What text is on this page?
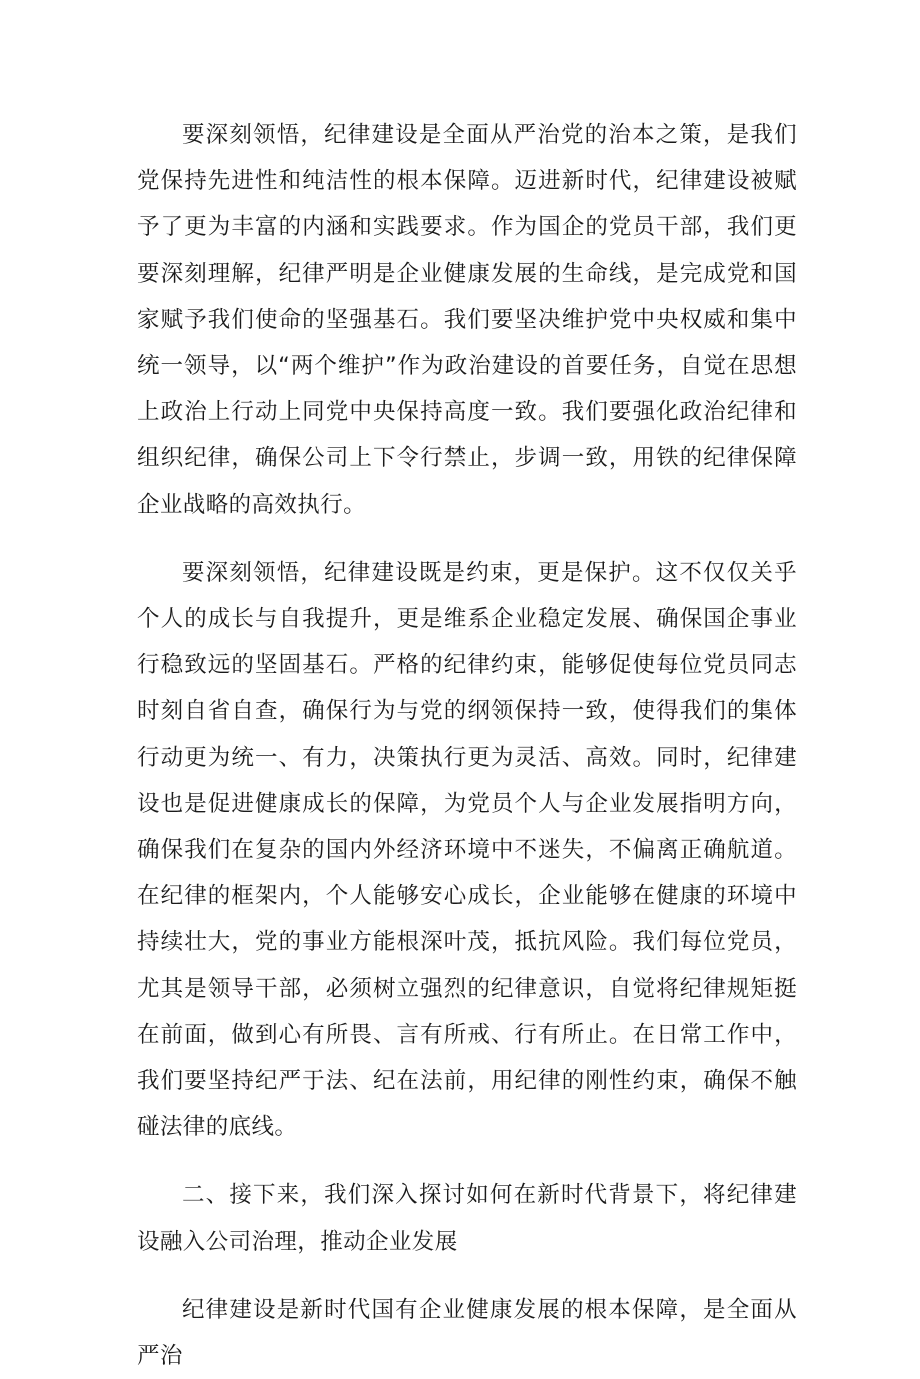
要深刻领悟，纪律建设是全面从严治党的治本之策，是我们党保持先进性和纯洁性的根本保障。迈进新时代，纪律建设被赋予了更为丰富的内涵和实践要求。作为国企的党员干部，我们更要深刻理解，纪律严明是企业健康发展的生命线，是完成党和国家赋予我们使命的坚强基石。我们要坚决维护党中央权威和集中统一领导，以“两个维护”作为政治建设的首要任务，自觉在思想上政治上行动上同党中央保持高度一致。我们要强化政治纪律和组织纪律，确保公司上下令行禁止，步调一致，用铁的纪律保障企业战略的高效执行。

要深刻领悟，纪律建设既是约束，更是保护。这不仅仅关乎个人的成长与自我提升，更是维系企业稳定发展、确保国企事业行稳致远的坚固基石。严格的纪律约束，能够促使每位党员同志时刻自省自查，确保行为与党的纲领保持一致，使得我们的集体行动更为统一、有力，决策执行更为灵活、高效。同时，纪律建设也是促进健康成长的保障，为党员个人与企业发展指明方向，确保我们在复杂的国内外经济环境中不迷失，不偏离正确航道。在纪律的框架内，个人能够安心成长，企业能够在健康的环境中持续壮大，党的事业方能根深叶茂，抵抗风险。我们每位党员，尤其是领导干部，必须树立强烈的纪律意识，自觉将纪律规矩挺在前面，做到心有所畏、言有所戒、行有所止。在日常工作中，我们要坚持纪严于法、纪在法前，用纪律的刚性约束，确保不触碰法律的底线。

二、接下来，我们深入探讨如何在新时代背景下，将纪律建设融入公司治理，推动企业发展

纪律建设是新时代国有企业健康发展的根本保障，是全面从严治
